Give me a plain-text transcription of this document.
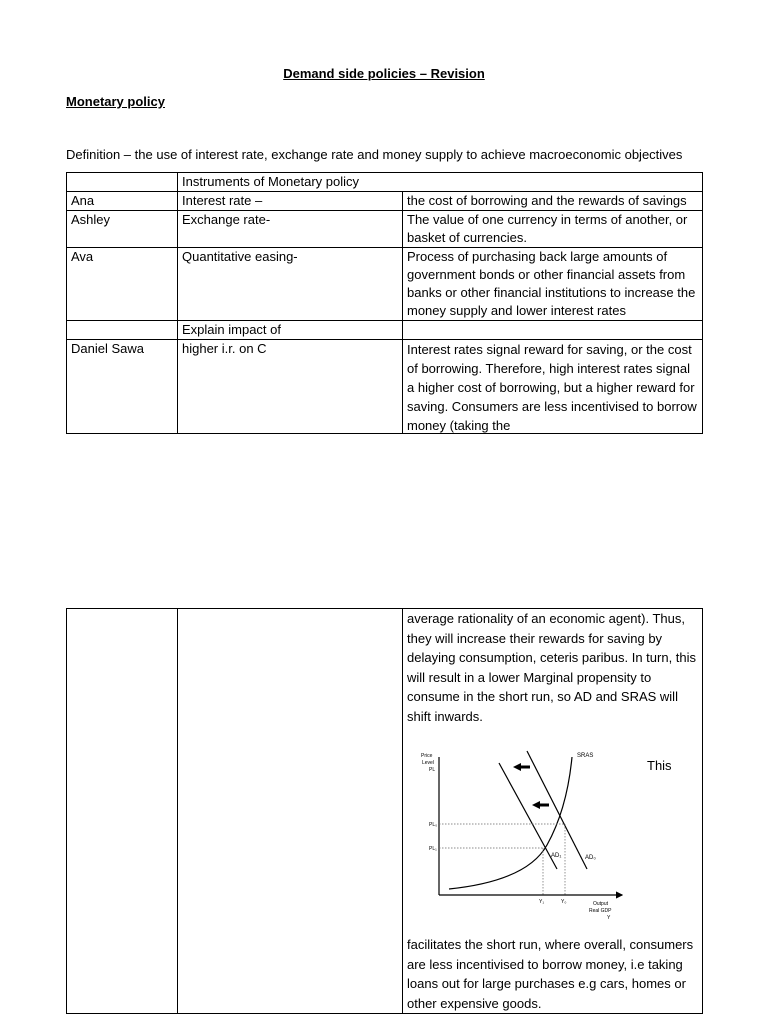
Demand side policies – Revision
Monetary policy
Definition – the use of interest rate, exchange rate and money supply to achieve macroeconomic objectives
	Instruments of Monetary policy	
Ana	Interest rate –	the cost of borrowing and the rewards of savings
Ashley	Exchange rate-	The value of one currency in terms of another, or basket of currencies.
Ava	Quantitative easing-	Process of purchasing back large amounts of government bonds or other financial assets from banks or other financial institutions to increase the money supply and lower interest rates
	Explain impact of	
Daniel Sawa	higher i.r. on C	Interest rates signal reward for saving, or the cost of borrowing. Therefore, high interest rates signal a higher cost of borrowing, but a higher reward for saving. Consumers are less incentivised to borrow money (taking the

average rationality of an economic agent). Thus, they will increase their rewards for saving by delaying consumption, ceteris paribus. In turn, this will result in a lower Marginal propensity to consume in the short run, so AD and SRAS will shift inwards.
Price
Level
PL
Output
Real GDP
Y
SRAS
AD₁	AD₀
PL₀
PL₁
Y₁	Y₀
This
facilitates the short run, where overall, consumers are less incentivised to borrow money, i.e taking loans out for large purchases e.g cars, homes or other expensive goods.
